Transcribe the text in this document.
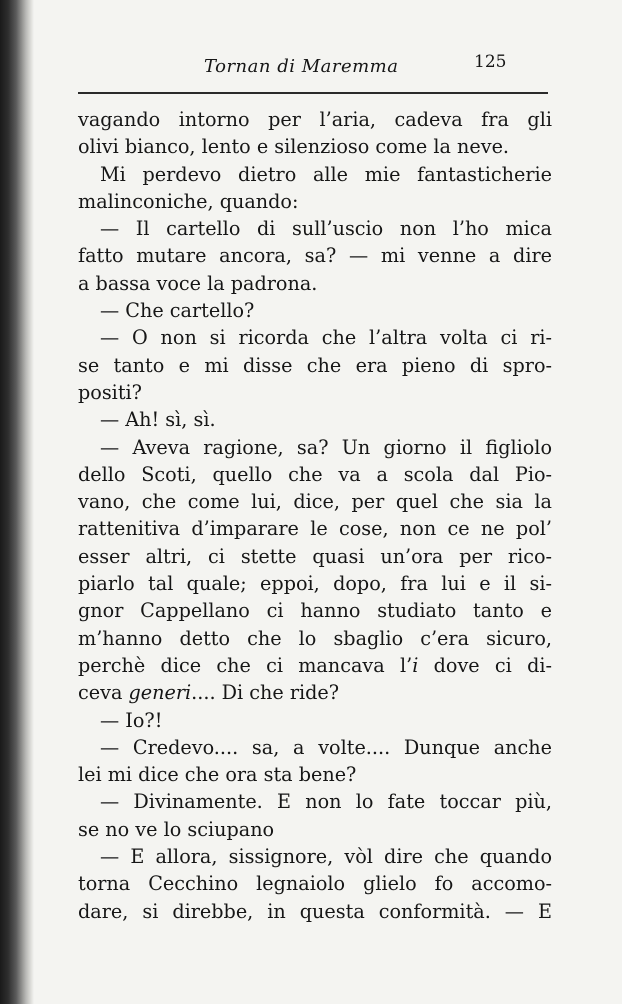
Tornan di Maremma	125
vagando intorno per l’aria, cadeva fra gli
olivi bianco, lento e silenzioso come la neve.
Mi perdevo dietro alle mie fantasticherie
malinconiche, quando:
— Il cartello di sull’uscio non l’ho mica
fatto mutare ancora, sa? — mi venne a dire
a bassa voce la padrona.
— Che cartello?
— O non si ricorda che l’altra volta ci ri-
se tanto e mi disse che era pieno di spro-
positi?
— Ah! sì, sì.
— Aveva ragione, sa? Un giorno il figliolo
dello Scoti, quello che va a scola dal Pio-
vano, che come lui, dice, per quel che sia la
rattenitiva d’imparare le cose, non ce ne pol’
esser altri, ci stette quasi un’ora per rico-
piarlo tal quale; eppoi, dopo, fra lui e il si-
gnor Cappellano ci hanno studiato tanto e
m’hanno detto che lo sbaglio c’era sicuro,
perchè dice che ci mancava l’i dove ci di-
ceva generi.... Di che ride?
— Io?!
— Credevo.... sa, a volte.... Dunque anche
lei mi dice che ora sta bene?
— Divinamente. E non lo fate toccar più,
se no ve lo sciupano
— E allora, sissignore, vòl dire che quando
torna Cecchino legnaiolo glielo fo accomo-
dare, si direbbe, in questa conformità. — E
